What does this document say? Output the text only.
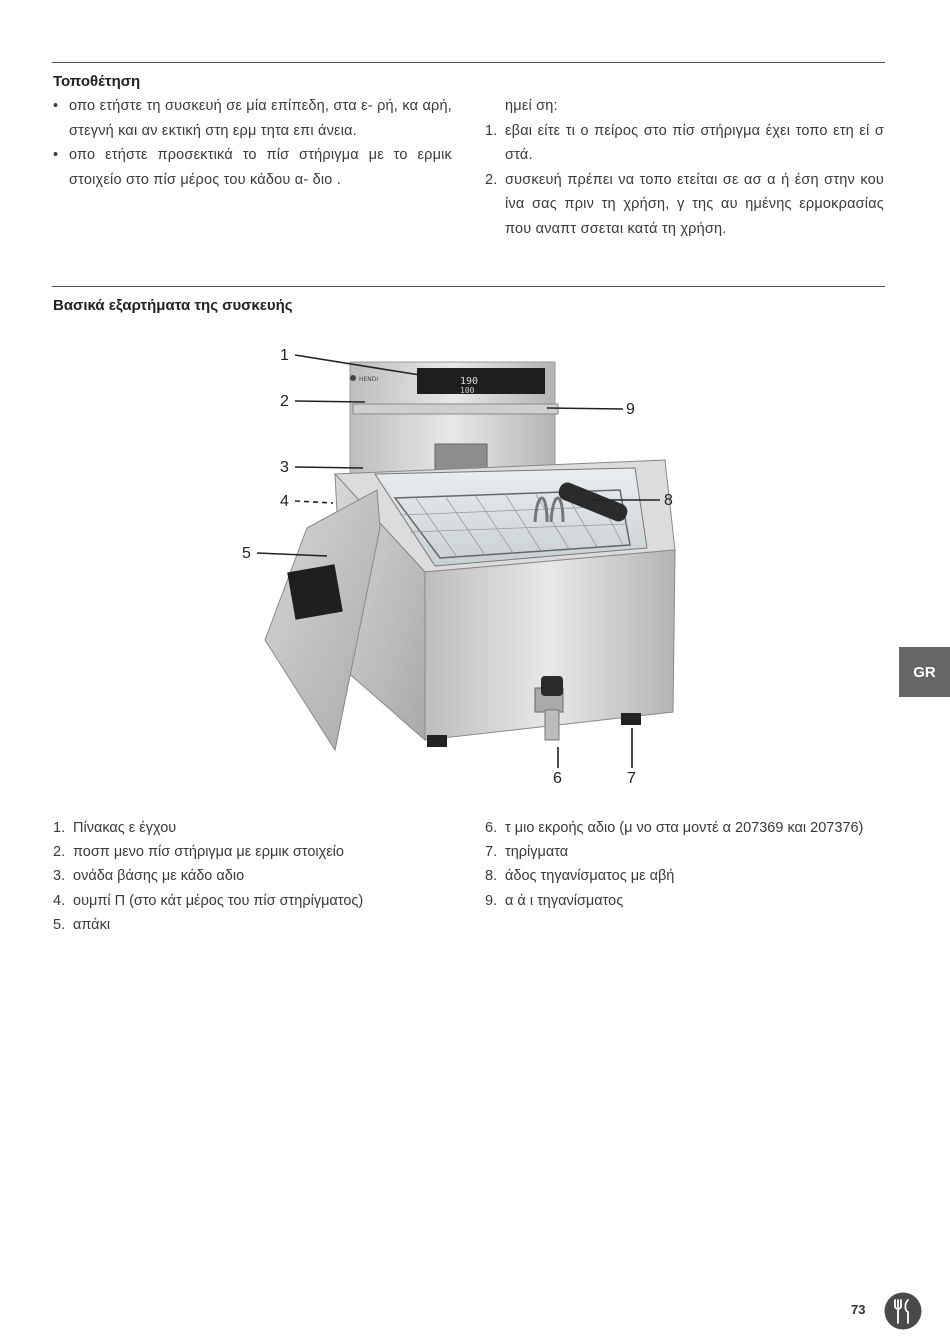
Τοποθέτηση
• οπο ετήστε τη συσκευή σε μία επίπεδη, στα ε- ρή, κα αρή, στεγνή και αν εκτική στη ερμ τητα επι άνεια.
• οπο ετήστε προσεκτικά το πίσ στήριγμα με το ερμικ στοιχείο στο πίσ μέρος του κάδου α- διο .
ημεί ση:
1. εβαι είτε τι ο πείρος στο πίσ στήριγμα έχει τοπο ετη εί σ στά.
2. συσκευή πρέπει να τοπο ετείται σε ασ α ή έση στην κου ίνα σας πριν τη χρήση, γ της αυ ημένης ερμοκρασίας που αναπτ σσεται κατά τη χρήση.
Βασικά εξαρτήματα της συσκευής
190
100
HENDI
1
2
3
4
5
6	7
8
9
1. Πίνακας ε έγχου
2. ποσπ μενο πίσ στήριγμα με ερμικ στοιχείο
3. ονάδα βάσης με κάδο αδιο
4. ουμπί Π (στο κάτ μέρος του πίσ στηρίγματος)
5. απάκι
6. τ μιο εκροής αδιο (μ νο στα μοντέ α 207369 και 207376)
7. τηρίγματα
8. άδος τηγανίσματος με αβή
9. α ά ι τηγανίσματος
GR
73
